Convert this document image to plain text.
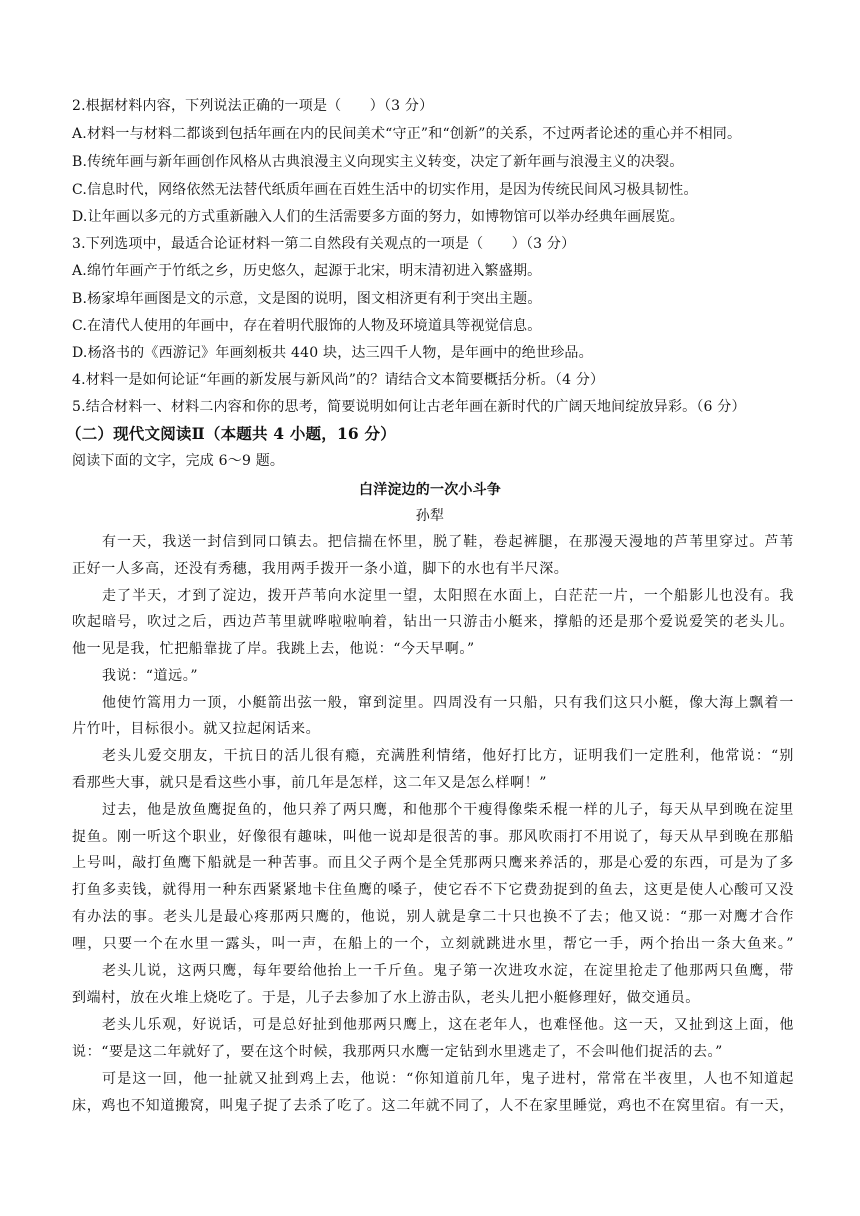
2.根据材料内容，下列说法正确的一项是（　　）（3 分）
A.材料一与材料二都谈到包括年画在内的民间美术“守正”和“创新”的关系，不过两者论述的重心并不相同。
B.传统年画与新年画创作风格从古典浪漫主义向现实主义转变，决定了新年画与浪漫主义的决裂。
C.信息时代，网络依然无法替代纸质年画在百姓生活中的切实作用，是因为传统民间风习极具韧性。
D.让年画以多元的方式重新融入人们的生活需要多方面的努力，如博物馆可以举办经典年画展览。
3.下列选项中，最适合论证材料一第二自然段有关观点的一项是（　　）（3 分）
A.绵竹年画产于竹纸之乡，历史悠久，起源于北宋，明末清初进入繁盛期。
B.杨家埠年画图是文的示意，文是图的说明，图文相济更有利于突出主题。
C.在清代人使用的年画中，存在着明代服饰的人物及环境道具等视觉信息。
D.杨洛书的《西游记》年画刻板共 440 块，达三四千人物，是年画中的绝世珍品。
4.材料一是如何论证“年画的新发展与新风尚”的？请结合文本简要概括分析。（4 分）
5.结合材料一、材料二内容和你的思考，简要说明如何让古老年画在新时代的广阔天地间绽放异彩。（6 分）
（二）现代文阅读Ⅱ（本题共 4 小题，16 分）
阅读下面的文字，完成 6～9 题。
白洋淀边的一次小斗争
孙犁
有一天，我送一封信到同口镇去。把信揣在怀里，脱了鞋，卷起裤腿，在那漫天漫地的芦苇里穿过。芦苇
正好一人多高，还没有秀穗，我用两手拨开一条小道，脚下的水也有半尺深。
走了半天，才到了淀边，拨开芦苇向水淀里一望，太阳照在水面上，白茫茫一片，一个船影儿也没有。我
吹起暗号，吹过之后，西边芦苇里就哗啦啦响着，钻出一只游击小艇来，撑船的还是那个爱说爱笑的老头儿。
他一见是我，忙把船靠拢了岸。我跳上去，他说：“今天早啊。”
我说：“道远。”
他使竹篙用力一顶，小艇箭出弦一般，窜到淀里。四周没有一只船，只有我们这只小艇，像大海上飘着一
片竹叶，目标很小。就又拉起闲话来。
老头儿爱交朋友，干抗日的活儿很有瘾，充满胜利情绪，他好打比方，证明我们一定胜利，他常说：“别
看那些大事，就只是看这些小事，前几年是怎样，这二年又是怎么样啊！”
过去，他是放鱼鹰捉鱼的，他只养了两只鹰，和他那个干瘦得像柴禾棍一样的儿子，每天从早到晚在淀里
捉鱼。刚一听这个职业，好像很有趣味，叫他一说却是很苦的事。那风吹雨打不用说了，每天从早到晚在那船
上号叫，敲打鱼鹰下船就是一种苦事。而且父子两个是全凭那两只鹰来养活的，那是心爱的东西，可是为了多
打鱼多卖钱，就得用一种东西紧紧地卡住鱼鹰的嗓子，使它吞不下它费劲捉到的鱼去，这更是使人心酸可又没
有办法的事。老头儿是最心疼那两只鹰的，他说，别人就是拿二十只也换不了去；他又说：“那一对鹰才合作
哩，只要一个在水里一露头，叫一声，在船上的一个，立刻就跳进水里，帮它一手，两个抬出一条大鱼来。”
老头儿说，这两只鹰，每年要给他抬上一千斤鱼。鬼子第一次进攻水淀，在淀里抢走了他那两只鱼鹰，带
到端村，放在火堆上烧吃了。于是，儿子去参加了水上游击队，老头儿把小艇修理好，做交通员。
老头儿乐观，好说话，可是总好扯到他那两只鹰上，这在老年人，也难怪他。这一天，又扯到这上面，他
说：“要是这二年就好了，要在这个时候，我那两只水鹰一定钻到水里逃走了，不会叫他们捉活的去。”
可是这一回，他一扯就又扯到鸡上去，他说：“你知道前几年，鬼子进村，常常在半夜里，人也不知道起
床，鸡也不知道搬窝，叫鬼子捉了去杀了吃了。这二年就不同了，人不在家里睡觉，鸡也不在窝里宿。有一天，
